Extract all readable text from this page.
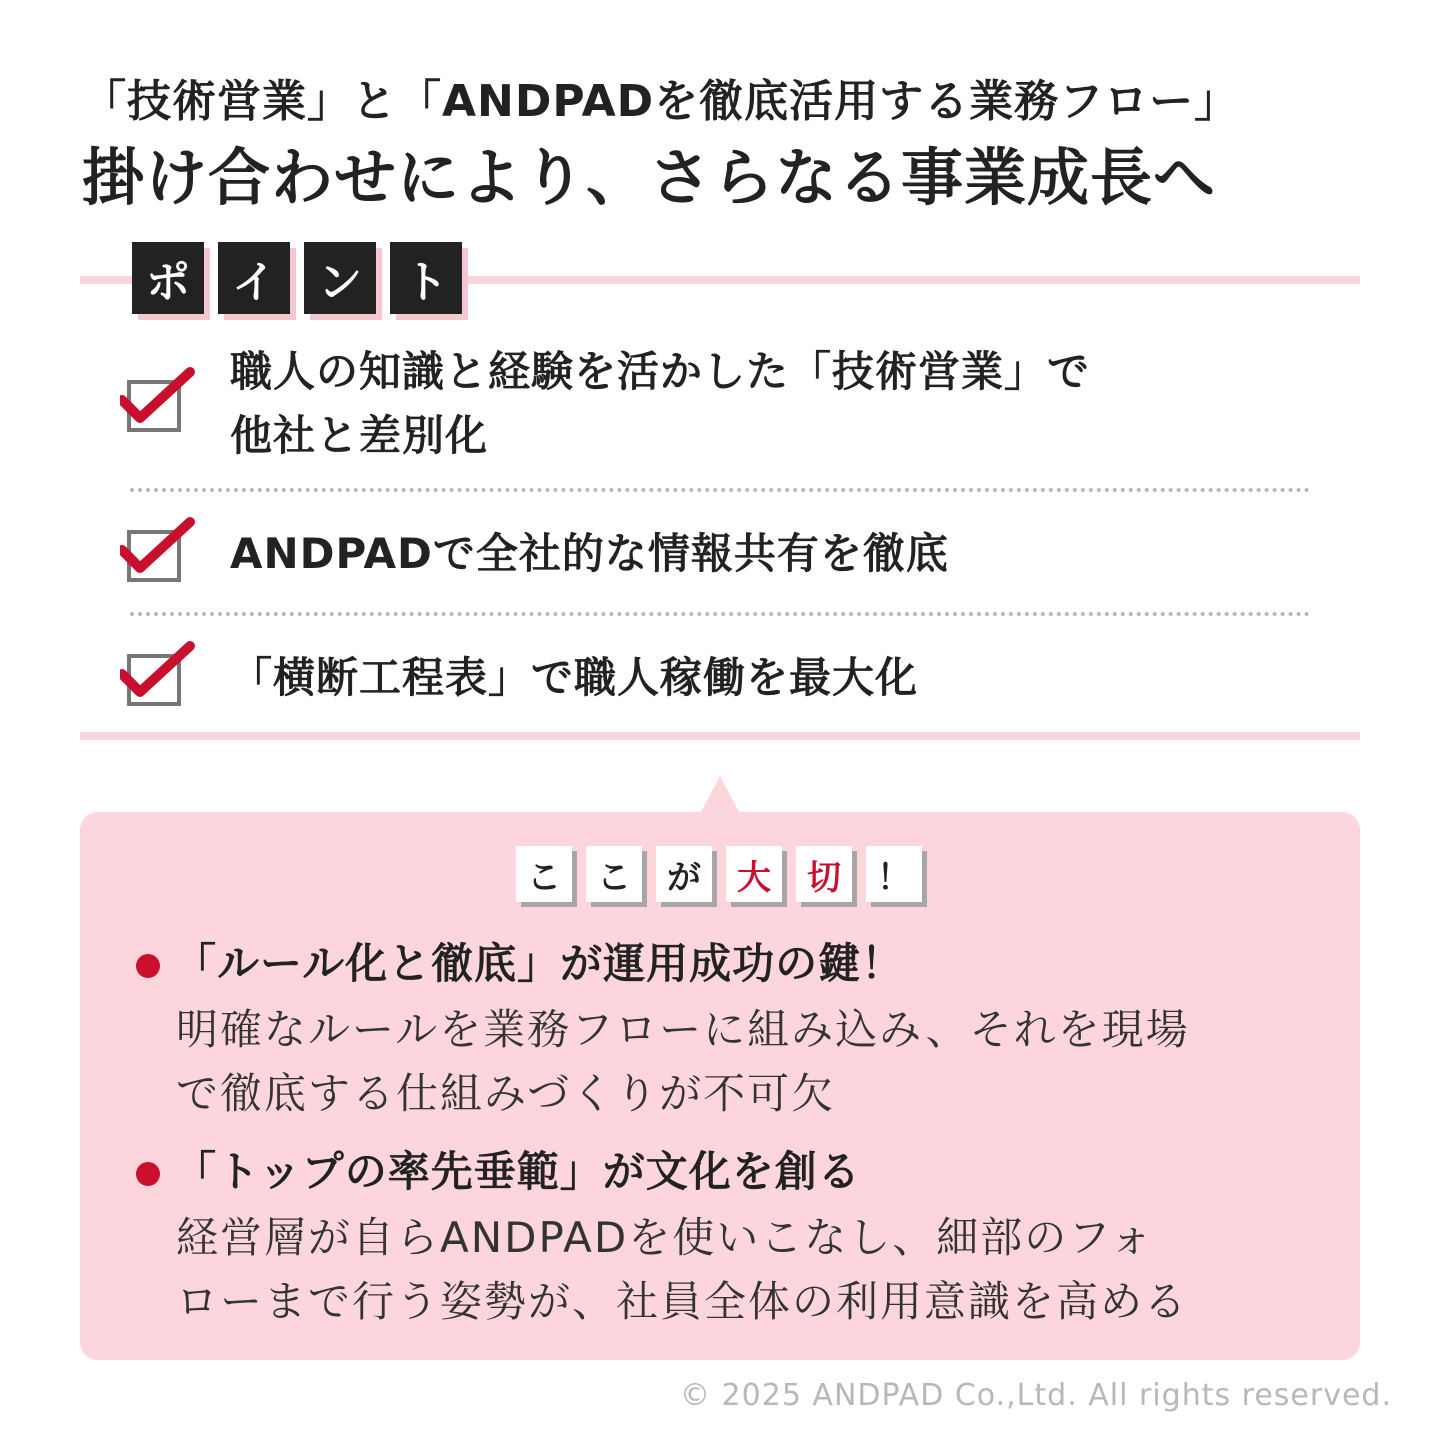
「技術営業」と「ANDPADを徹底活用する業務フロー」
掛け合わせにより、さらなる事業成長へ
ポ イ ン ト
職人の知識と経験を活かした「技術営業」で
他社と差別化
ANDPADで全社的な情報共有を徹底
「横断工程表」で職人稼働を最大化
こ	こ	が	大	切	！
「ルール化と徹底」が運用成功の鍵！
明確なルールを業務フローに組み込み、それを現場
で徹底する仕組みづくりが不可欠
「トップの率先垂範」が文化を創る
経営層が自らANDPADを使いこなし、細部のフォ
ローまで行う姿勢が、社員全体の利用意識を高める
© 2025 ANDPAD Co.,Ltd. All rights reserved.
